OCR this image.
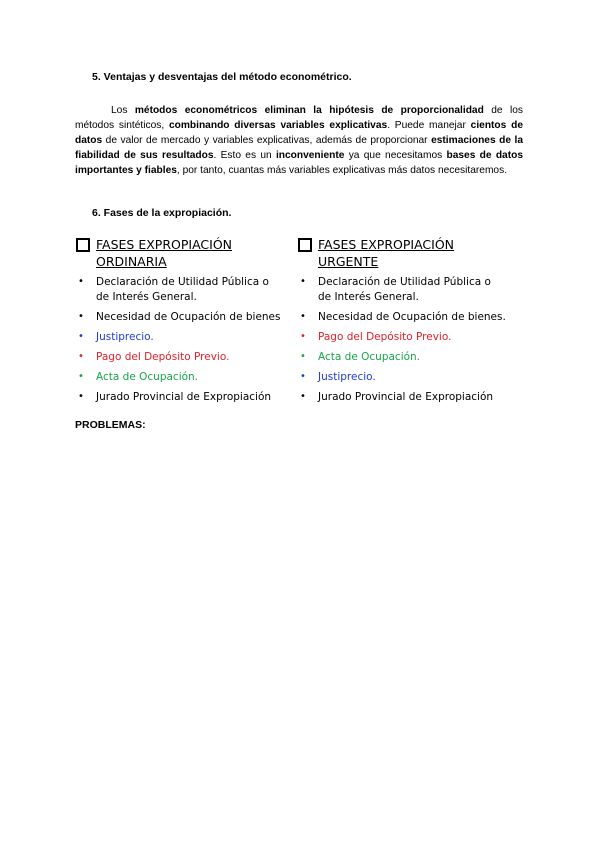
5. Ventajas y desventajas del método econométrico.

Los métodos econométricos eliminan la hipótesis de proporcionalidad de los métodos sintéticos, combinando diversas variables explicativas. Puede manejar cientos de datos de valor de mercado y variables explicativas, además de proporcionar estimaciones de la fiabilidad de sus resultados. Esto es un inconveniente ya que necesitamos bases de datos importantes y fiables, por tanto, cuantas más variables explicativas más datos necesitaremos.

6. Fases de la expropiación.
FASES EXPROPIACIÓN
ORDINARIA
• Declaración de Utilidad Pública o
de Interés General.
• Necesidad de Ocupación de bienes
• Justiprecio.
• Pago del Depósito Previo.
• Acta de Ocupación.
• Jurado Provincial de Expropiación
FASES EXPROPIACIÓN
URGENTE
• Declaración de Utilidad Pública o
de Interés General.
• Necesidad de Ocupación de bienes.
• Pago del Depósito Previo.
• Acta de Ocupación.
• Justiprecio.
• Jurado Provincial de Expropiación
PROBLEMAS:
